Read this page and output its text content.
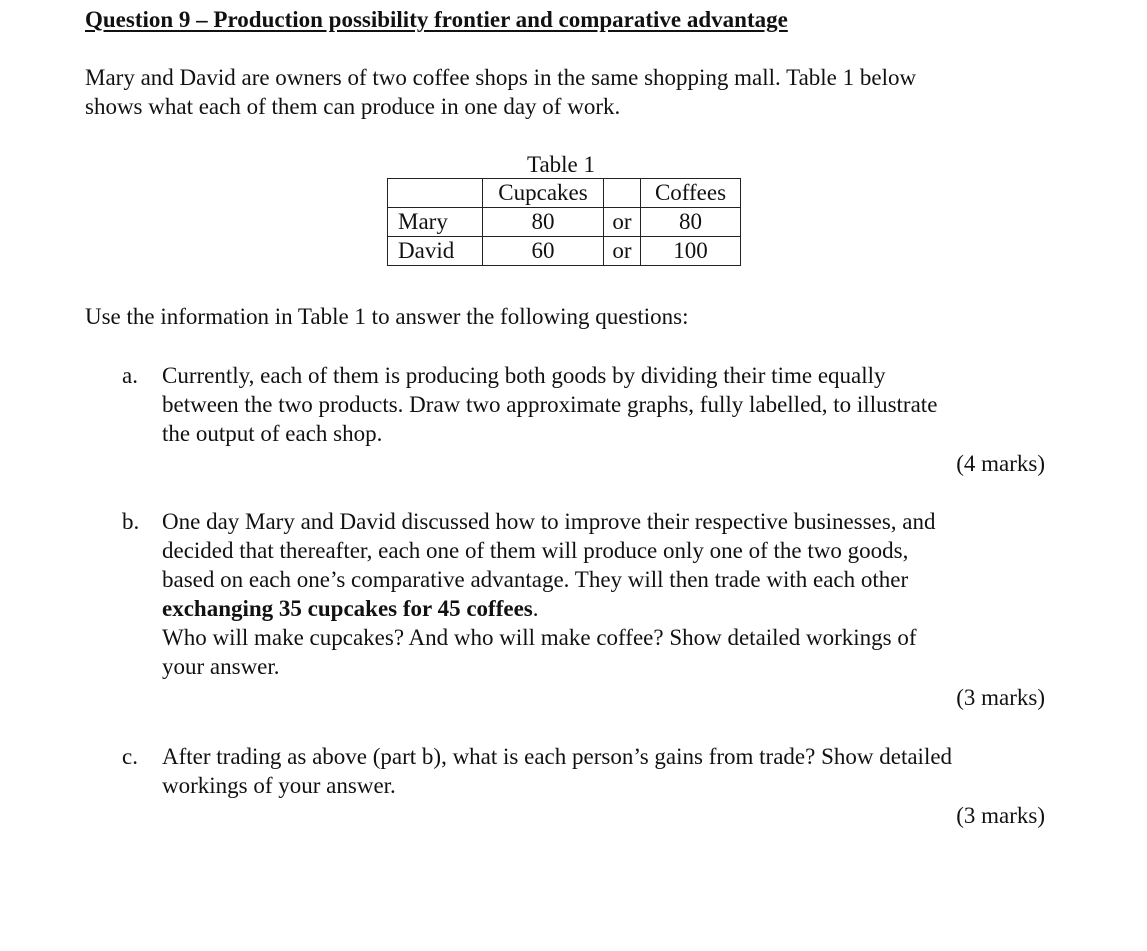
Question 9 – Production possibility frontier and comparative advantage
Mary and David are owners of two coffee shops in the same shopping mall. Table 1 below
shows what each of them can produce in one day of work.
Table 1
	Cupcakes		Coffees
Mary	80	or	80
David	60	or	100
Use the information in Table 1 to answer the following questions:
a. Currently, each of them is producing both goods by dividing their time equally
between the two products. Draw two approximate graphs, fully labelled, to illustrate
the output of each shop.
(4 marks)
b. One day Mary and David discussed how to improve their respective businesses, and
decided that thereafter, each one of them will produce only one of the two goods,
based on each one’s comparative advantage. They will then trade with each other
exchanging 35 cupcakes for 45 coffees.
Who will make cupcakes? And who will make coffee? Show detailed workings of
your answer.
(3 marks)
c. After trading as above (part b), what is each person’s gains from trade? Show detailed
workings of your answer.
(3 marks)
